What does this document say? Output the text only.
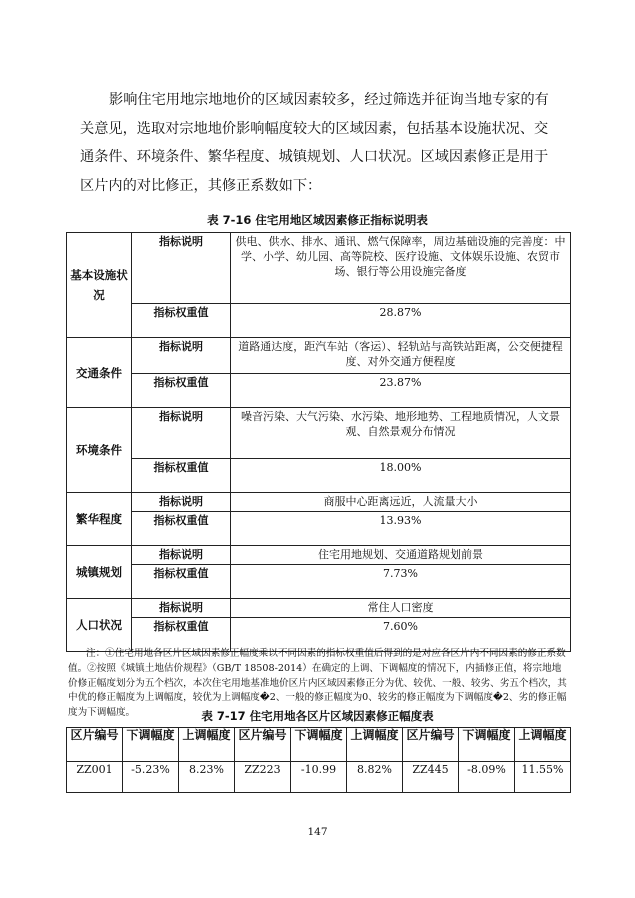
影响住宅用地宗地地价的区域因素较多，经过筛选并征询当地专家的有关意见，选取对宗地地价影响幅度较大的区域因素，包括基本设施状况、交通条件、环境条件、繁华程度、城镇规划、人口状况。区域因素修正是用于区片内的对比修正，其修正系数如下：

表 7-16 住宅用地区域因素修正指标说明表
基本设施状况	指标说明	供电、供水、排水、通讯、燃气保障率，周边基础设施的完善度：中学、小学、幼儿园、高等院校、医疗设施、文体娱乐设施、农贸市场、银行等公用设施完备度
	指标权重值	28.87%
交通条件	指标说明	道路通达度，距汽车站（客运）、轻轨站与高铁站距离，公交便捷程度、对外交通方便程度
	指标权重值	23.87%
环境条件	指标说明	噪音污染、大气污染、水污染、地形地势、工程地质情况，人文景观、自然景观分布情况
	指标权重值	18.00%
繁华程度	指标说明	商服中心距离远近，人流量大小
	指标权重值	13.93%
城镇规划	指标说明	住宅用地规划、交通道路规划前景
	指标权重值	7.73%
人口状况	指标说明	常住人口密度
	指标权重值	7.60%

注：①住宅用地各区片区域因素修正幅度乘以不同因素的指标权重值后得到的是对应各区片内不同因素的修正系数值。②按照《城镇土地估价规程》（GB/T 18508-2014）在确定的上调、下调幅度的情况下，内插修正值，将宗地地价修正幅度划分为五个档次，本次住宅用地基准地价区片内区域因素修正分为优、较优、一般、较劣、劣五个档次，其中优的修正幅度为上调幅度，较优为上调幅度�2、一般的修正幅度为0、较劣的修正幅度为下调幅度�2、劣的修正幅度为下调幅度。	表 7-17 住宅用地各区片区域因素修正幅度表
区片编号	下调幅度	上调幅度	区片编号	下调幅度	上调幅度	区片编号	下调幅度	上调幅度
ZZ001	-5.23%	8.23%	ZZ223	-10.99	8.82%	ZZ445	-8.09%	11.55%
147
